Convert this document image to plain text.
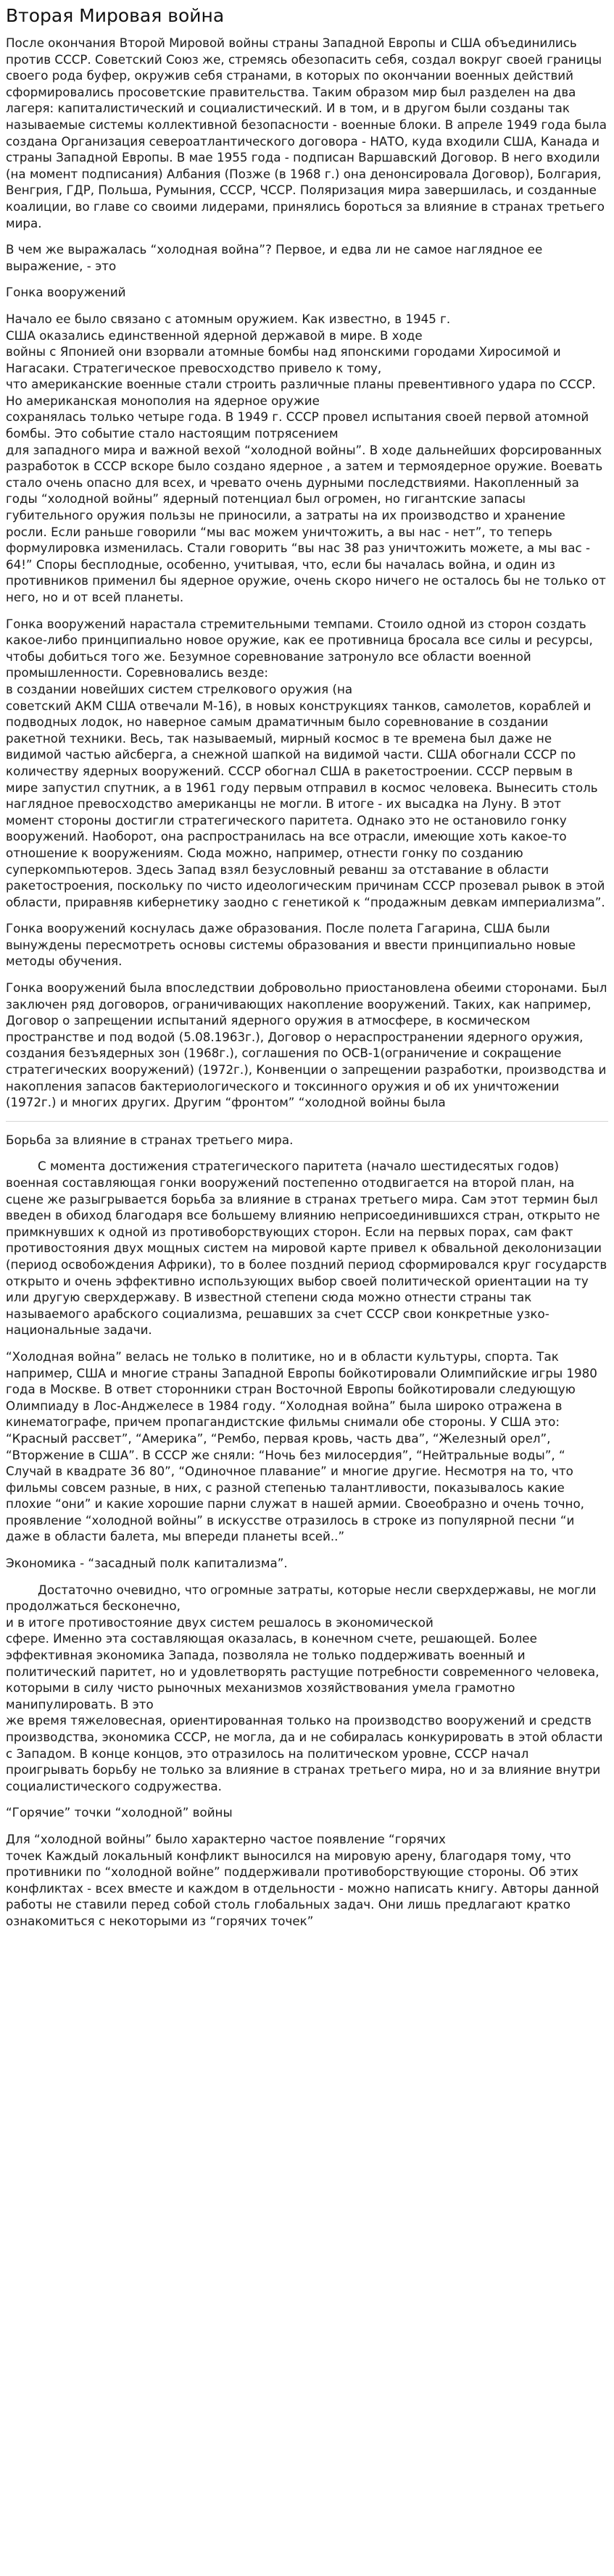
Вторая Мировая война

После окончания Второй Мировой войны страны Западной Европы и США объединились против СССР. Советский Союз же, стремясь обезопасить себя, создал вокруг своей границы своего рода буфер, окружив себя странами, в которых по окончании военных действий сформировались просоветские правительства. Таким образом мир был разделен на два лагеря: капиталистический и социалистический. И в том, и в другом были созданы так называемые системы коллективной безопасности - военные блоки. В апреле 1949 года была создана Организация североатлантического договора - НАТО, куда входили США, Канада и страны Западной Европы. В мае 1955 года - подписан Варшавский Договор. В него входили (на момент подписания) Албания (Позже (в 1968 г.) она денонсировала Договор), Болгария, Венгрия, ГДР, Польша, Румыния, СССР, ЧССР. Поляризация мира завершилась, и созданные коалиции, во главе со своими лидерами, принялись бороться за влияние в странах третьего мира.

В чем же выражалась “холодная война”? Первое, и едва ли не самое наглядное ее выражение, - это

Гонка вооружений

Начало ее было связано с атомным оружием. Как известно, в 1945 г.
США оказались единственной ядерной державой в мире. В ходе
войны с Японией они взорвали атомные бомбы над японскими городами Хиросимой и Нагасаки. Стратегическое превосходство привело к тому,
что американские военные стали строить различные планы превентивного удара по СССР. Но американская монополия на ядерное оружие
сохранялась только четыре года. В 1949 г. СССР провел испытания своей первой атомной бомбы. Это событие стало настоящим потрясением
для западного мира и важной вехой “холодной войны”. В ходе дальнейших форсированных разработок в СССР вскоре было создано ядерное , а затем и термоядерное оружие. Воевать стало очень опасно для всех, и чревато очень дурными последствиями. Накопленный за годы “холодной войны” ядерный потенциал был огромен, но гигантские запасы губительного оружия пользы не приносили, а затраты на их производство и хранение росли. Если раньше говорили “мы вас можем уничтожить, а вы нас - нет”, то теперь формулировка изменилась. Стали говорить “вы нас 38 раз уничтожить можете, а мы вас - 64!” Споры бесплодные, особенно, учитывая, что, если бы началась война, и один из противников применил бы ядерное оружие, очень скоро ничего не осталось бы не только от него, но и от всей планеты.

Гонка вооружений нарастала стремительными темпами. Стоило одной из сторон создать какое-либо принципиально новое оружие, как ее противница бросала все силы и ресурсы, чтобы добиться того же. Безумное соревнование затронуло все области военной промышленности. Соревновались везде:
в создании новейших систем стрелкового оружия (на
советский АКМ США отвечали М-16), в новых конструкциях танков, самолетов, кораблей и подводных лодок, но наверное самым драматичным было соревнование в создании ракетной техники. Весь, так называемый, мирный космос в те времена был даже не видимой частью айсберга, а снежной шапкой на видимой части. США обогнали СССР по количеству ядерных вооружений. СССР обогнал США в ракетостроении. СССР первым в мире запустил спутник, а в 1961 году первым отправил в космос человека. Вынесить столь наглядное превосходство американцы не могли. В итоге - их высадка на Луну. В этот момент стороны достигли стратегического паритета. Однако это не остановило гонку вооружений. Наоборот, она распространилась на все отрасли, имеющие хоть какое-то отношение к вооружениям. Сюда можно, например, отнести гонку по созданию суперкомпьютеров. Здесь Запад взял безусловный реванш за отставание в области ракетостроения, поскольку по чисто идеологическим причинам СССР прозевал рывок в этой области, приравняв кибернетику заодно с генетикой к “продажным девкам империализма”.

Гонка вооружений коснулась даже образования. После полета Гагарина, США были вынуждены пересмотреть основы системы образования и ввести принципиально новые методы обучения.

Гонка вооружений была впоследствии добровольно приостановлена обеими сторонами. Был заключен ряд договоров, ограничивающих накопление вооружений. Таких, как например, Договор о запрещении испытаний ядерного оружия в атмосфере, в космическом пространстве и под водой (5.08.1963г.), Договор о нераспространении ядерного оружия, создания безъядерных зон (1968г.), соглашения по ОСВ-1(ограничение и сокращение стратегических вооружений) (1972г.), Конвенции о запрещении разработки, производства и накопления запасов бактериологического и токсинного оружия и об их уничтожении (1972г.) и многих других. Другим “фронтом” “холодной войны была

Борьба за влияние в странах третьего мира.

С момента достижения стратегического паритета (начало шестидесятых годов) военная составляющая гонки вооружений постепенно отодвигается на второй план, на сцене же разыгрывается борьба за влияние в странах третьего мира. Сам этот термин был введен в обиход благодаря все большему влиянию неприсоединившихся стран, открыто не примкнувших к одной из противоборствующих сторон. Если на первых порах, сам факт противостояния двух мощных систем на мировой карте привел к обвальной деколонизации (период освобождения Африки), то в более поздний период сформировался круг государств открыто и очень эффективно использующих выбор своей политической ориентации на ту или другую сверхдержаву. В известной степени сюда можно отнести страны так называемого арабского социализма, решавших за счет СССР свои конкретные узко-национальные задачи.

“Холодная война” велась не только в политике, но и в области культуры, спорта. Так например, США и многие страны Западной Европы бойкотировали Олимпийские игры 1980 года в Москве. В ответ сторонники стран Восточной Европы бойкотировали следующую Олимпиаду в Лос-Анджелесе в 1984 году. “Холодная война” была широко отражена в кинематографе, причем пропагандистские фильмы снимали обе стороны. У США это: “Красный рассвет”, “Америка”, “Рембо, первая кровь, часть два”, “Железный орел”, “Вторжение в США”. В СССР же сняли: “Ночь без милосердия”, “Нейтральные воды”, “ Случай в квадрате 36 80”, “Одиночное плавание” и многие другие. Несмотря на то, что фильмы совсем разные, в них, с разной степенью талантливости, показывалось какие плохие “они” и какие хорошие парни служат в нашей армии. Своеобразно и очень точно, проявление “холодной войны” в искусстве отразилось в строке из популярной песни “и даже в области балета, мы впереди планеты всей..”

Экономика - “засадный полк капитализма”.

Достаточно очевидно, что огромные затраты, которые несли сверхдержавы, не могли продолжаться бесконечно,
и в итоге противостояние двух систем решалось в экономической
сфере. Именно эта составляющая оказалась, в конечном счете, решающей. Более эффективная экономика Запада, позволяла не только поддерживать военный и политический паритет, но и удовлетворять растущие потребности современного человека, которыми в силу чисто рыночных механизмов хозяйствования умела грамотно манипулировать. В это
же время тяжеловесная, ориентированная только на производство вооружений и средств производства, экономика СССР, не могла, да и не собиралась конкурировать в этой области с Западом. В конце концов, это отразилось на политическом уровне, СССР начал проигрывать борьбу не только за влияние в странах третьего мира, но и за влияние внутри социалистического содружества.

“Горячие” точки “холодной” войны

Для “холодной войны” было характерно частое появление “горячих
точек Каждый локальный конфликт выносился на мировую арену, благодаря тому, что противники по “холодной войне” поддерживали противоборствующие стороны. Об этих конфликтах - всех вместе и каждом в отдельности - можно написать книгу. Авторы данной работы не ставили перед собой столь глобальных задач. Они лишь предлагают кратко ознакомиться с некоторыми из “горячих точек”
